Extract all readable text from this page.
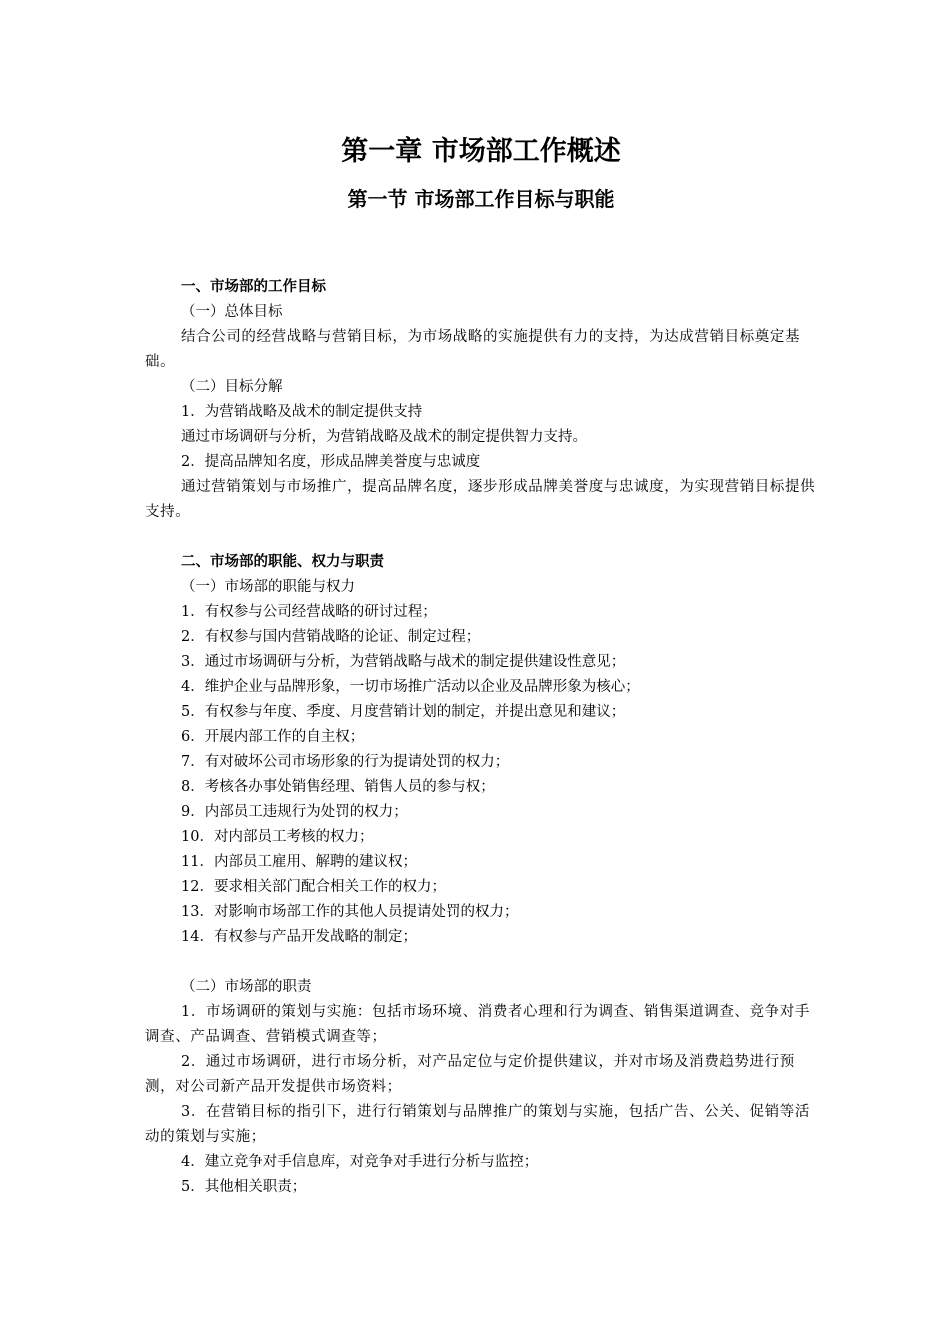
第一章 市场部工作概述
第一节 市场部工作目标与职能

一、市场部的工作目标

（一）总体目标

结合公司的经营战略与营销目标，为市场战略的实施提供有力的支持，为达成营销目标奠定基础。

（二）目标分解

1．为营销战略及战术的制定提供支持

通过市场调研与分析，为营销战略及战术的制定提供智力支持。

2．提高品牌知名度，形成品牌美誉度与忠诚度

通过营销策划与市场推广，提高品牌名度，逐步形成品牌美誉度与忠诚度，为实现营销目标提供支持。

二、市场部的职能、权力与职责

（一）市场部的职能与权力

1．有权参与公司经营战略的研讨过程；

2．有权参与国内营销战略的论证、制定过程；

3．通过市场调研与分析，为营销战略与战术的制定提供建设性意见；

4．维护企业与品牌形象，一切市场推广活动以企业及品牌形象为核心；

5．有权参与年度、季度、月度营销计划的制定，并提出意见和建议；

6．开展内部工作的自主权；

7．有对破坏公司市场形象的行为提请处罚的权力；

8．考核各办事处销售经理、销售人员的参与权；

9．内部员工违规行为处罚的权力；

10．对内部员工考核的权力；

11．内部员工雇用、解聘的建议权；

12．要求相关部门配合相关工作的权力；

13．对影响市场部工作的其他人员提请处罚的权力；

14．有权参与产品开发战略的制定；

（二）市场部的职责

1．市场调研的策划与实施：包括市场环境、消费者心理和行为调查、销售渠道调查、竞争对手调查、产品调查、营销模式调查等；

2．通过市场调研，进行市场分析，对产品定位与定价提供建议，并对市场及消费趋势进行预测，对公司新产品开发提供市场资料；

3．在营销目标的指引下，进行行销策划与品牌推广的策划与实施，包括广告、公关、促销等活动的策划与实施；

4．建立竞争对手信息库，对竞争对手进行分析与监控；

5．其他相关职责；
